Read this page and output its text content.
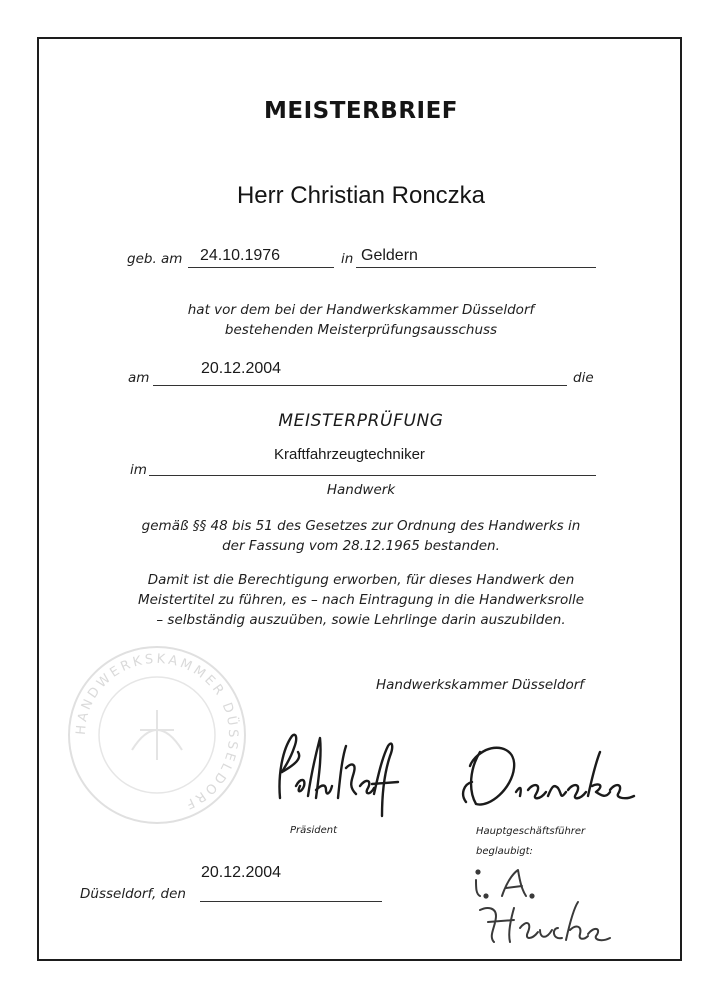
MEISTERBRIEF
Herr Christian Ronczka
geb. am 24.10.1976	in Geldern
hat vor dem bei der Handwerkskammer Düsseldorf
bestehenden Meisterprüfungsausschuss
am
20.12.2004
die
MEISTERPRÜFUNG
im
Kraftfahrzeugtechniker
Handwerk
gemäß §§ 48 bis 51 des Gesetzes zur Ordnung des Handwerks in
der Fassung vom 28.12.1965 bestanden.
Damit ist die Berechtigung erworben, für dieses Handwerk den
Meistertitel zu führen, es – nach Eintragung in die Handwerksrolle
– selbständig auszuüben, sowie Lehrlinge darin auszubilden.
Handwerkskammer Düsseldorf
HANDWERKSKAMMER DÜSSELDORF
Präsident	Hauptgeschäftsführer
beglaubigt:
20.12.2004
Düsseldorf, den
